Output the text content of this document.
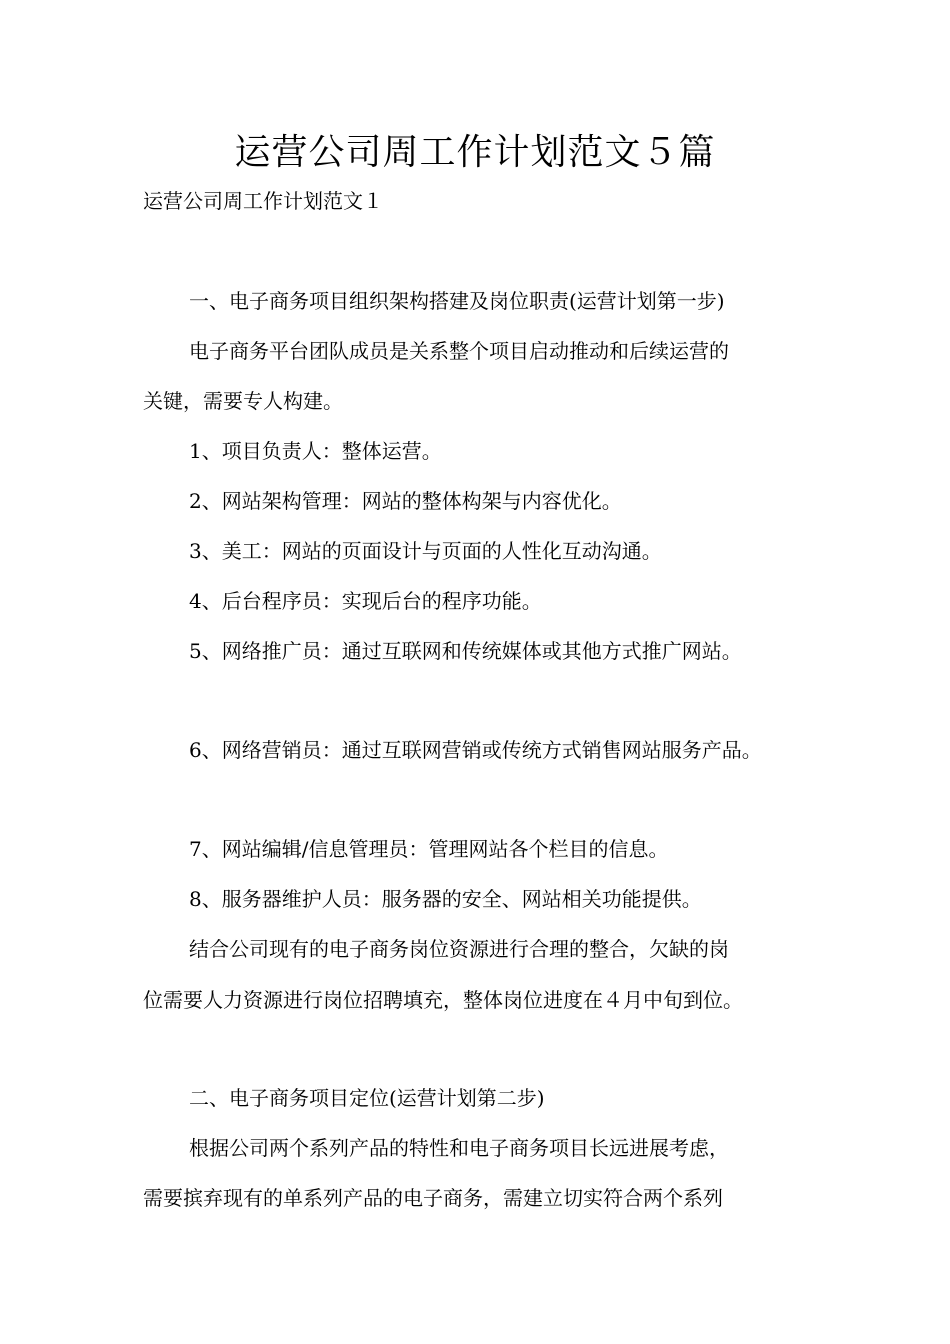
运营公司周工作计划范文５篇

运营公司周工作计划范文１

一、电子商务项目组织架构搭建及岗位职责(运营计划第一步)

电子商务平台团队成员是关系整个项目启动推动和后续运营的

关键，需要专人构建。

1、项目负责人：整体运营。

2、网站架构管理：网站的整体构架与内容优化。

3、美工：网站的页面设计与页面的人性化互动沟通。

4、后台程序员：实现后台的程序功能。

5、网络推广员：通过互联网和传统媒体或其他方式推广网站。

6、网络营销员：通过互联网营销或传统方式销售网站服务产品。

7、网站编辑/信息管理员：管理网站各个栏目的信息。

8、服务器维护人员：服务器的安全、网站相关功能提供。

结合公司现有的电子商务岗位资源进行合理的整合，欠缺的岗

位需要人力资源进行岗位招聘填充，整体岗位进度在４月中旬到位。

二、电子商务项目定位(运营计划第二步)

根据公司两个系列产品的特性和电子商务项目长远进展考虑，

需要摈弃现有的单系列产品的电子商务，需建立切实符合两个系列
